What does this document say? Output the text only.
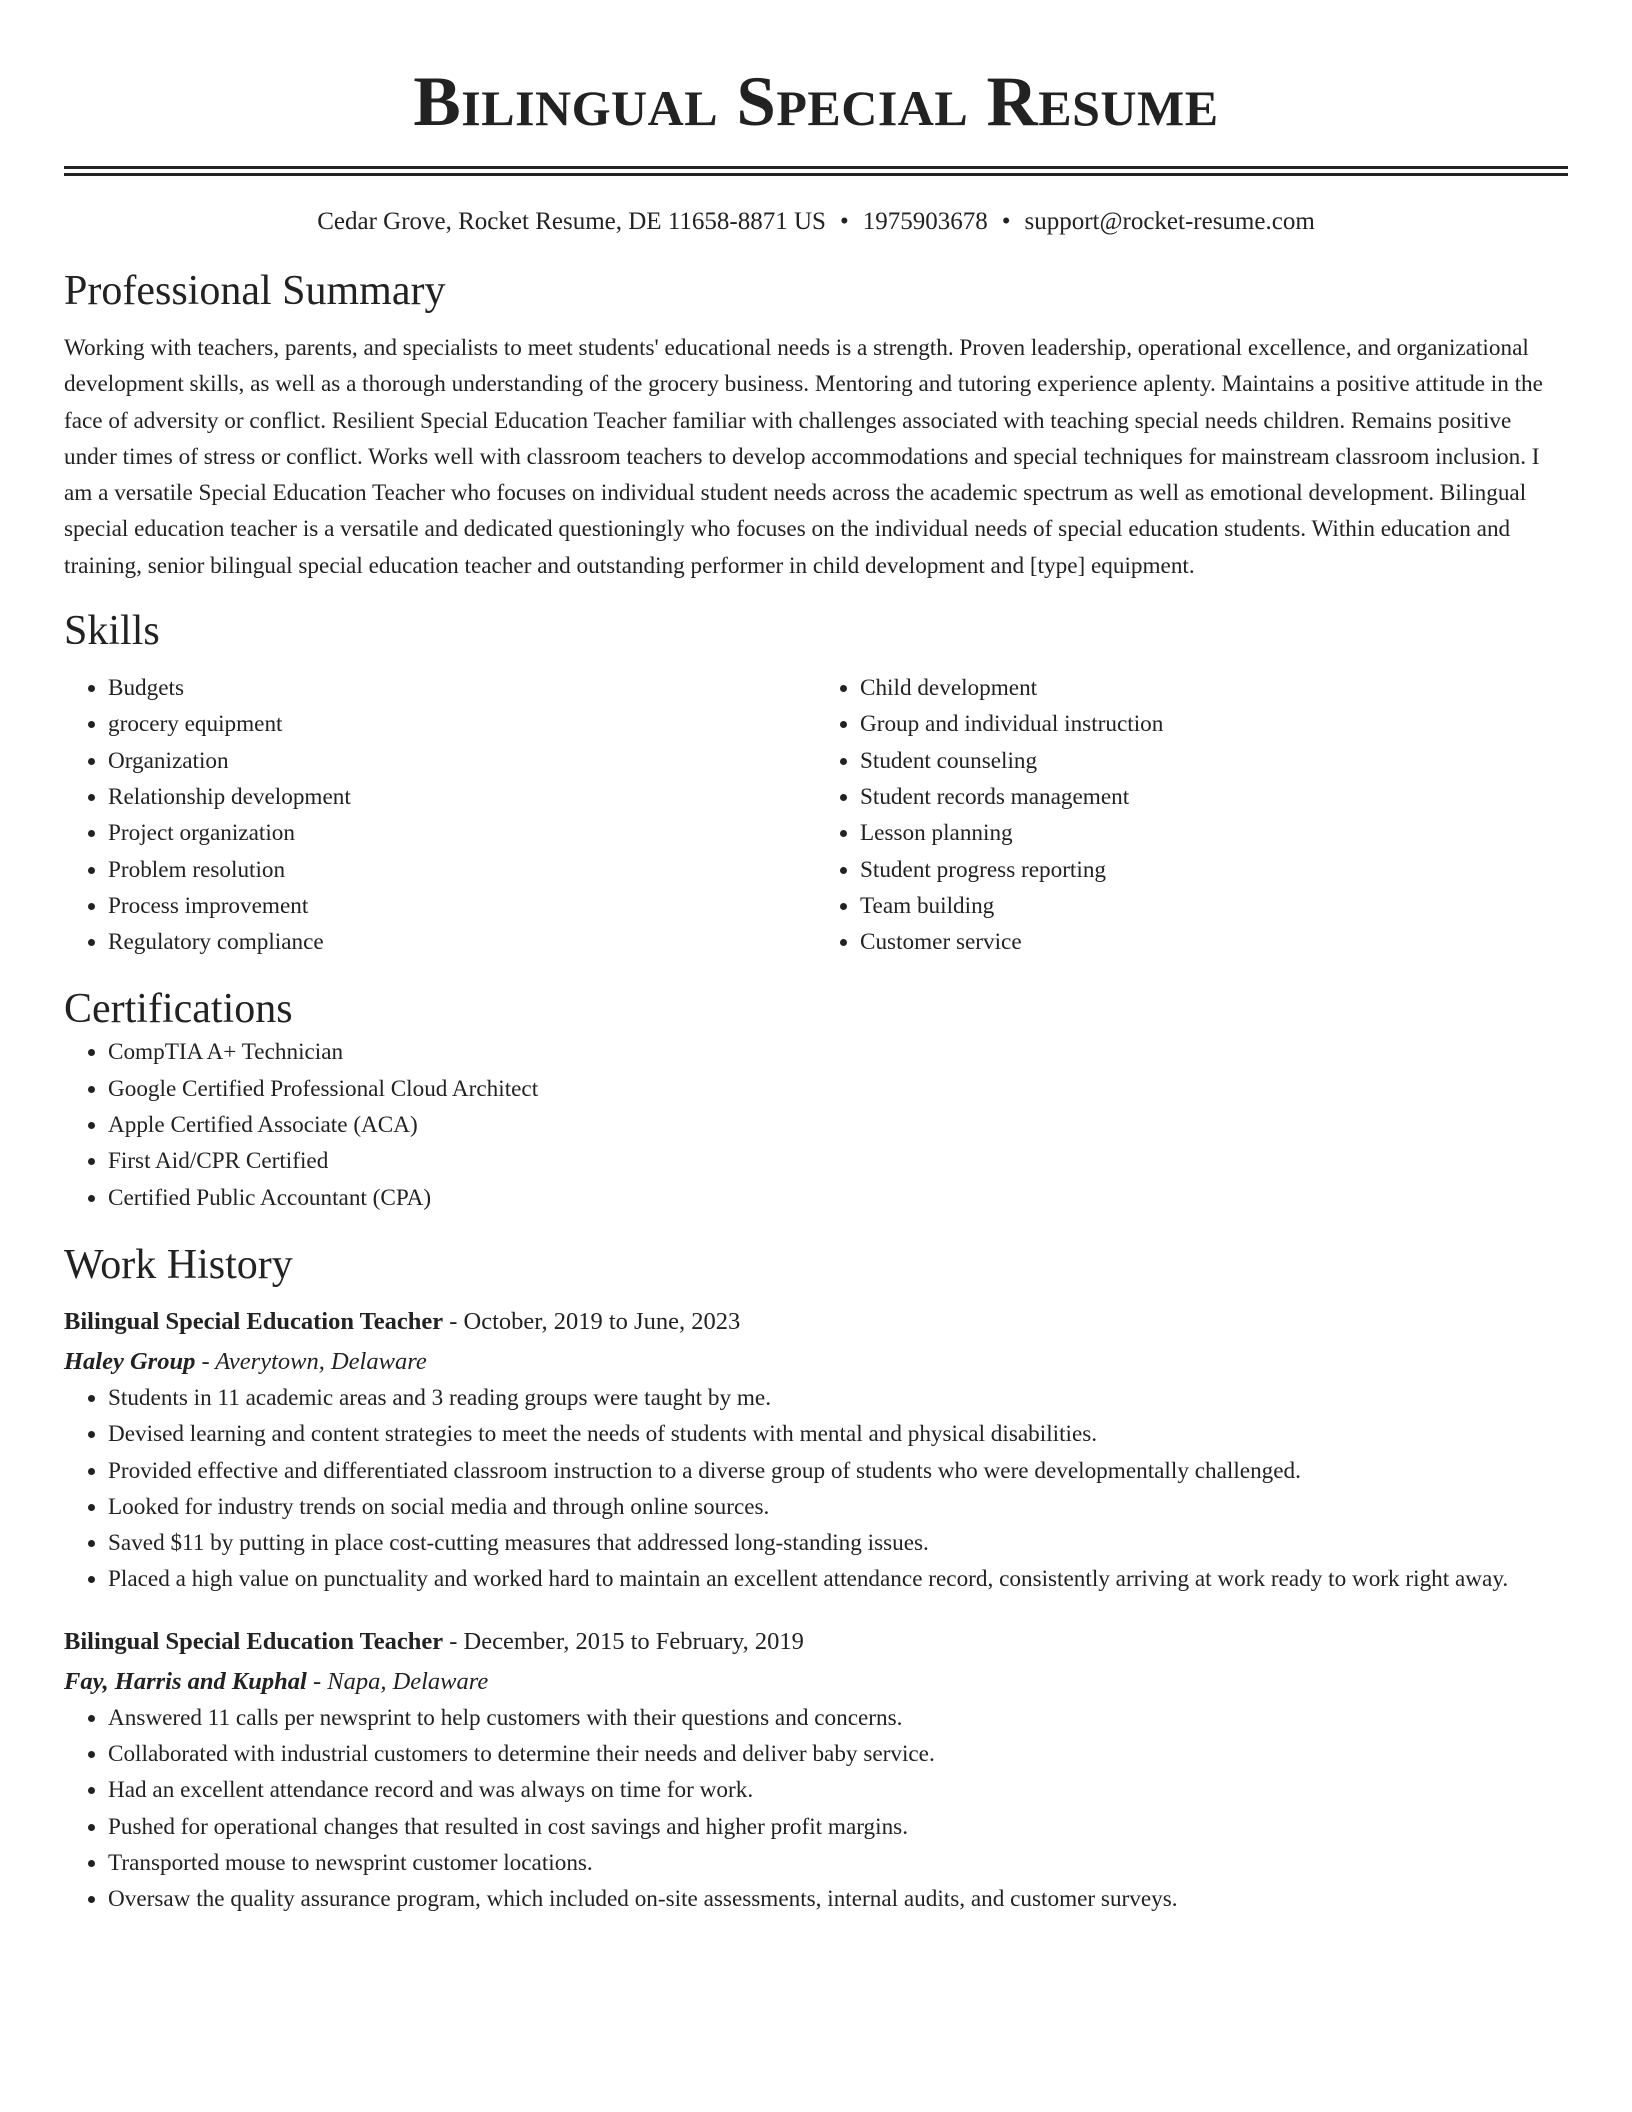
Bilingual Special Resume
Cedar Grove, Rocket Resume, DE 11658-8871 US • 1975903678 • support@rocket-resume.com
Professional Summary

Working with teachers, parents, and specialists to meet students' educational needs is a strength. Proven leadership, operational excellence, and organizational development skills, as well as a thorough understanding of the grocery business. Mentoring and tutoring experience aplenty. Maintains a positive attitude in the face of adversity or conflict. Resilient Special Education Teacher familiar with challenges associated with teaching special needs children. Remains positive under times of stress or conflict. Works well with classroom teachers to develop accommodations and special techniques for mainstream classroom inclusion. I am a versatile Special Education Teacher who focuses on individual student needs across the academic spectrum as well as emotional development. Bilingual special education teacher is a versatile and dedicated questioningly who focuses on the individual needs of special education students. Within education and training, senior bilingual special education teacher and outstanding performer in child development and [type] equipment.

Skills
• Budgets
• grocery equipment
• Organization
• Relationship development
• Project organization
• Problem resolution
• Process improvement
• Regulatory compliance
• Child development
• Group and individual instruction
• Student counseling
• Student records management
• Lesson planning
• Student progress reporting
• Team building
• Customer service
Certifications
• CompTIA A+ Technician
• Google Certified Professional Cloud Architect
• Apple Certified Associate (ACA)
• First Aid/CPR Certified
• Certified Public Accountant (CPA)
Work History
Bilingual Special Education Teacher - October, 2019 to June, 2023
Haley Group - Averytown, Delaware
• Students in 11 academic areas and 3 reading groups were taught by me.
• Devised learning and content strategies to meet the needs of students with mental and physical disabilities.
• Provided effective and differentiated classroom instruction to a diverse group of students who were developmentally challenged.
• Looked for industry trends on social media and through online sources.
• Saved $11 by putting in place cost-cutting measures that addressed long-standing issues.
• Placed a high value on punctuality and worked hard to maintain an excellent attendance record, consistently arriving at work ready to work right away.
Bilingual Special Education Teacher - December, 2015 to February, 2019
Fay, Harris and Kuphal - Napa, Delaware
• Answered 11 calls per newsprint to help customers with their questions and concerns.
• Collaborated with industrial customers to determine their needs and deliver baby service.
• Had an excellent attendance record and was always on time for work.
• Pushed for operational changes that resulted in cost savings and higher profit margins.
• Transported mouse to newsprint customer locations.
• Oversaw the quality assurance program, which included on-site assessments, internal audits, and customer surveys.
